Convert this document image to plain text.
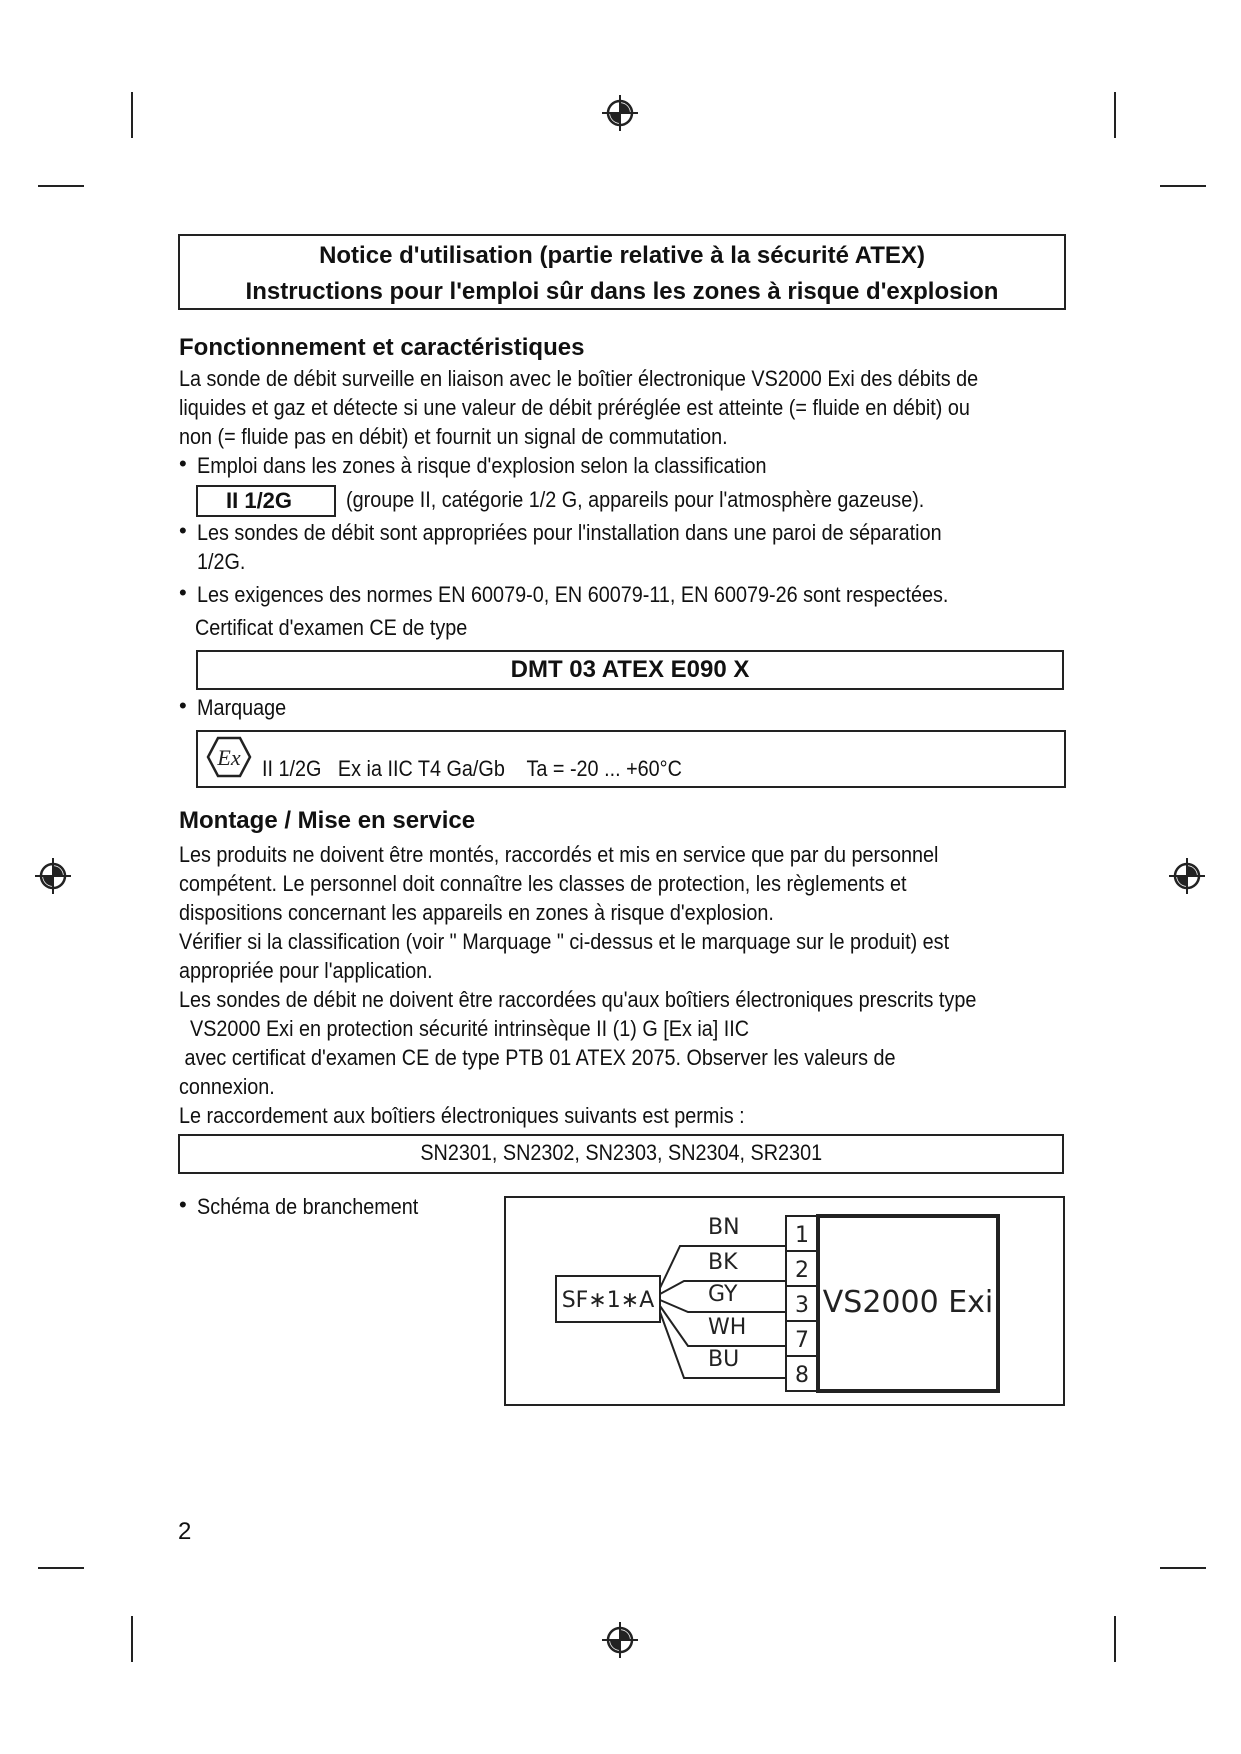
Notice d'utilisation (partie relative à la sécurité ATEX)
Instructions pour l'emploi sûr dans les zones à risque d'explosion
Fonctionnement et caractéristiques
La sonde de débit surveille en liaison avec le boîtier électronique VS2000 Exi des débits de
liquides et gaz et détecte si une valeur de débit préréglée est atteinte (= fluide en débit) ou
non (= fluide pas en débit) et fournit un signal de commutation.
• Emploi dans les zones à risque d'explosion selon la classification
II 1/2G	(groupe II, catégorie 1/2 G, appareils pour l'atmosphère gazeuse).
• Les sondes de débit sont appropriées pour l'installation dans une paroi de séparation
1/2G.
• Les exigences des normes EN 60079-0, EN 60079-11, EN 60079-26 sont respectées.
Certificat d'examen CE de type
DMT 03 ATEX E090 X
• Marquage
Ex II 1/2G   Ex ia IIC T4 Ga/Gb    Ta = -20 ... +60°C
Montage / Mise en service
Les produits ne doivent être montés, raccordés et mis en service que par du personnel
compétent. Le personnel doit connaître les classes de protection, les règlements et
dispositions concernant les appareils en zones à risque d'explosion.
Vérifier si la classification (voir " Marquage " ci-dessus et le marquage sur le produit) est
appropriée pour l'application.
Les sondes de débit ne doivent être raccordées qu'aux boîtiers électroniques prescrits type
VS2000 Exi en protection sécurité intrinsèque II (1) G [Ex ia] IIC
avec certificat d'examen CE de type PTB 01 ATEX 2075. Observer les valeurs de
connexion.
Le raccordement aux boîtiers électroniques suivants est permis :
SN2301, SN2302, SN2303, SN2304, SR2301
• Schéma de branchement
SF∗1∗A
BN
BK
GY
WH
BU
1
2
3
7
8
VS2000 Exi
2
